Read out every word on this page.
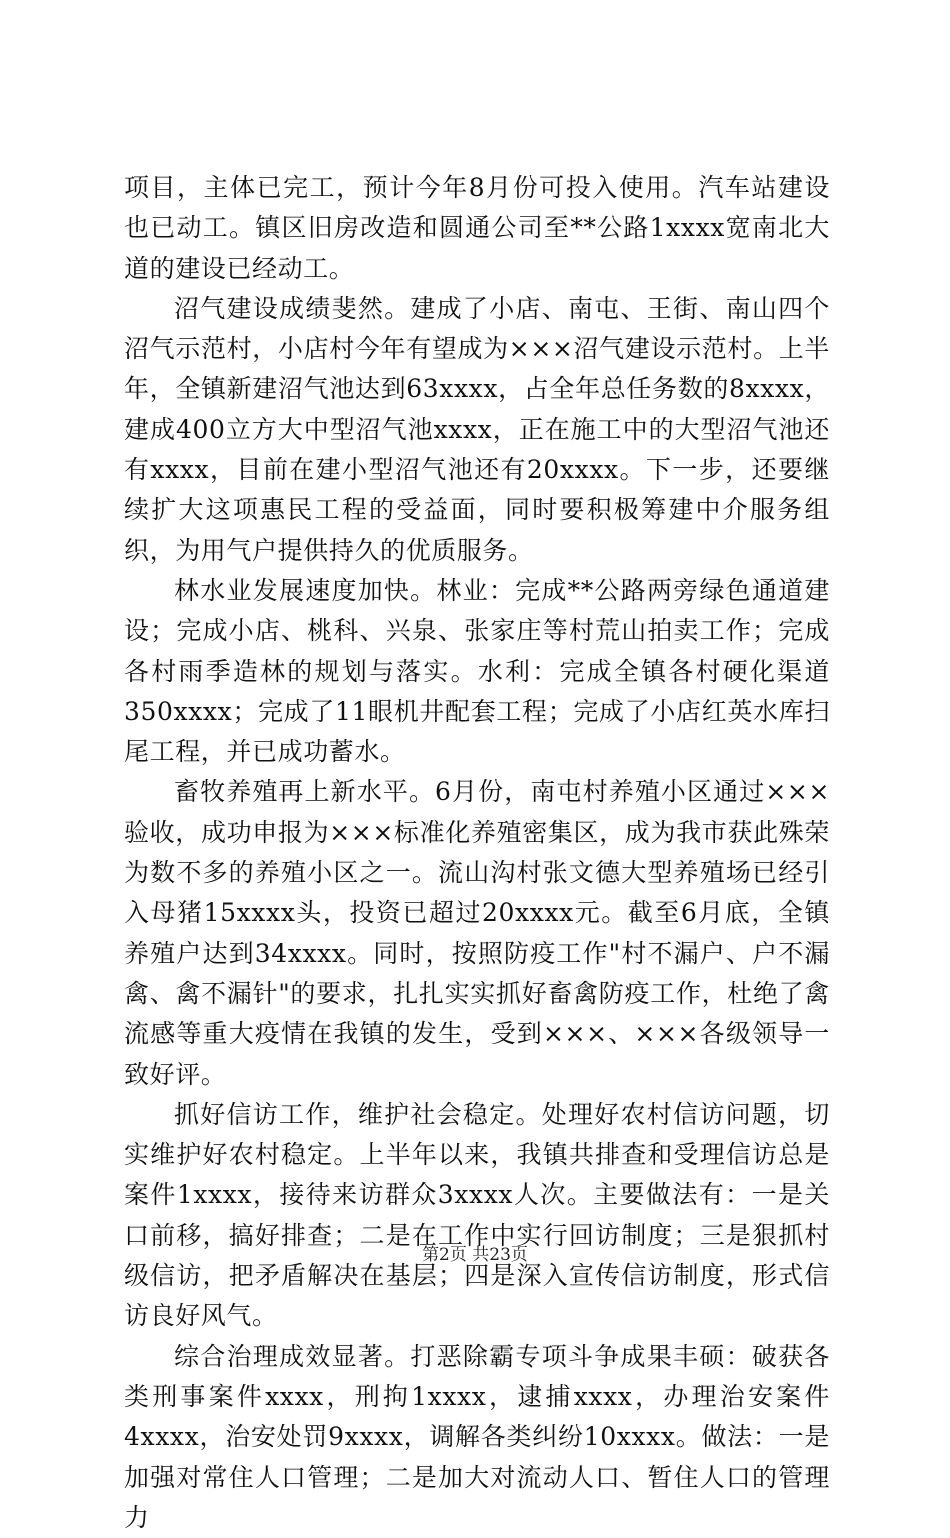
项目，主体已完工，预计今年8月份可投入使用。汽车站建设也已动工。镇区旧房改造和圆通公司至**公路1xxxx宽南北大道的建设已经动工。

沼气建设成绩斐然。建成了小店、南屯、王街、南山四个沼气示范村，小店村今年有望成为×××沼气建设示范村。上半年，全镇新建沼气池达到63xxxx，占全年总任务数的8xxxx，建成400立方大中型沼气池xxxx，正在施工中的大型沼气池还有xxxx，目前在建小型沼气池还有20xxxx。下一步，还要继续扩大这项惠民工程的受益面，同时要积极筹建中介服务组织，为用气户提供持久的优质服务。

林水业发展速度加快。林业：完成**公路两旁绿色通道建设；完成小店、桃科、兴泉、张家庄等村荒山拍卖工作；完成各村雨季造林的规划与落实。水利：完成全镇各村硬化渠道350xxxx；完成了11眼机井配套工程；完成了小店红英水库扫尾工程，并已成功蓄水。

畜牧养殖再上新水平。6月份，南屯村养殖小区通过×××验收，成功申报为×××标准化养殖密集区，成为我市获此殊荣为数不多的养殖小区之一。流山沟村张文德大型养殖场已经引入母猪15xxxx头，投资已超过20xxxx元。截至6月底，全镇养殖户达到34xxxx。同时，按照防疫工作"村不漏户、户不漏禽、禽不漏针"的要求，扎扎实实抓好畜禽防疫工作，杜绝了禽流感等重大疫情在我镇的发生，受到×××、×××各级领导一致好评。

抓好信访工作，维护社会稳定。处理好农村信访问题，切实维护好农村稳定。上半年以来，我镇共排查和受理信访总是案件1xxxx，接待来访群众3xxxx人次。主要做法有：一是关口前移，搞好排查；二是在工作中实行回访制度；三是狠抓村级信访，把矛盾解决在基层；四是深入宣传信访制度，形式信访良好风气。

综合治理成效显著。打恶除霸专项斗争成果丰硕：破获各类刑事案件xxxx，刑拘1xxxx，逮捕xxxx，办理治安案件4xxxx，治安处罚9xxxx，调解各类纠纷10xxxx。做法：一是加强对常住人口管理；二是加大对流动人口、暂住人口的管理力

第2页 共23页
